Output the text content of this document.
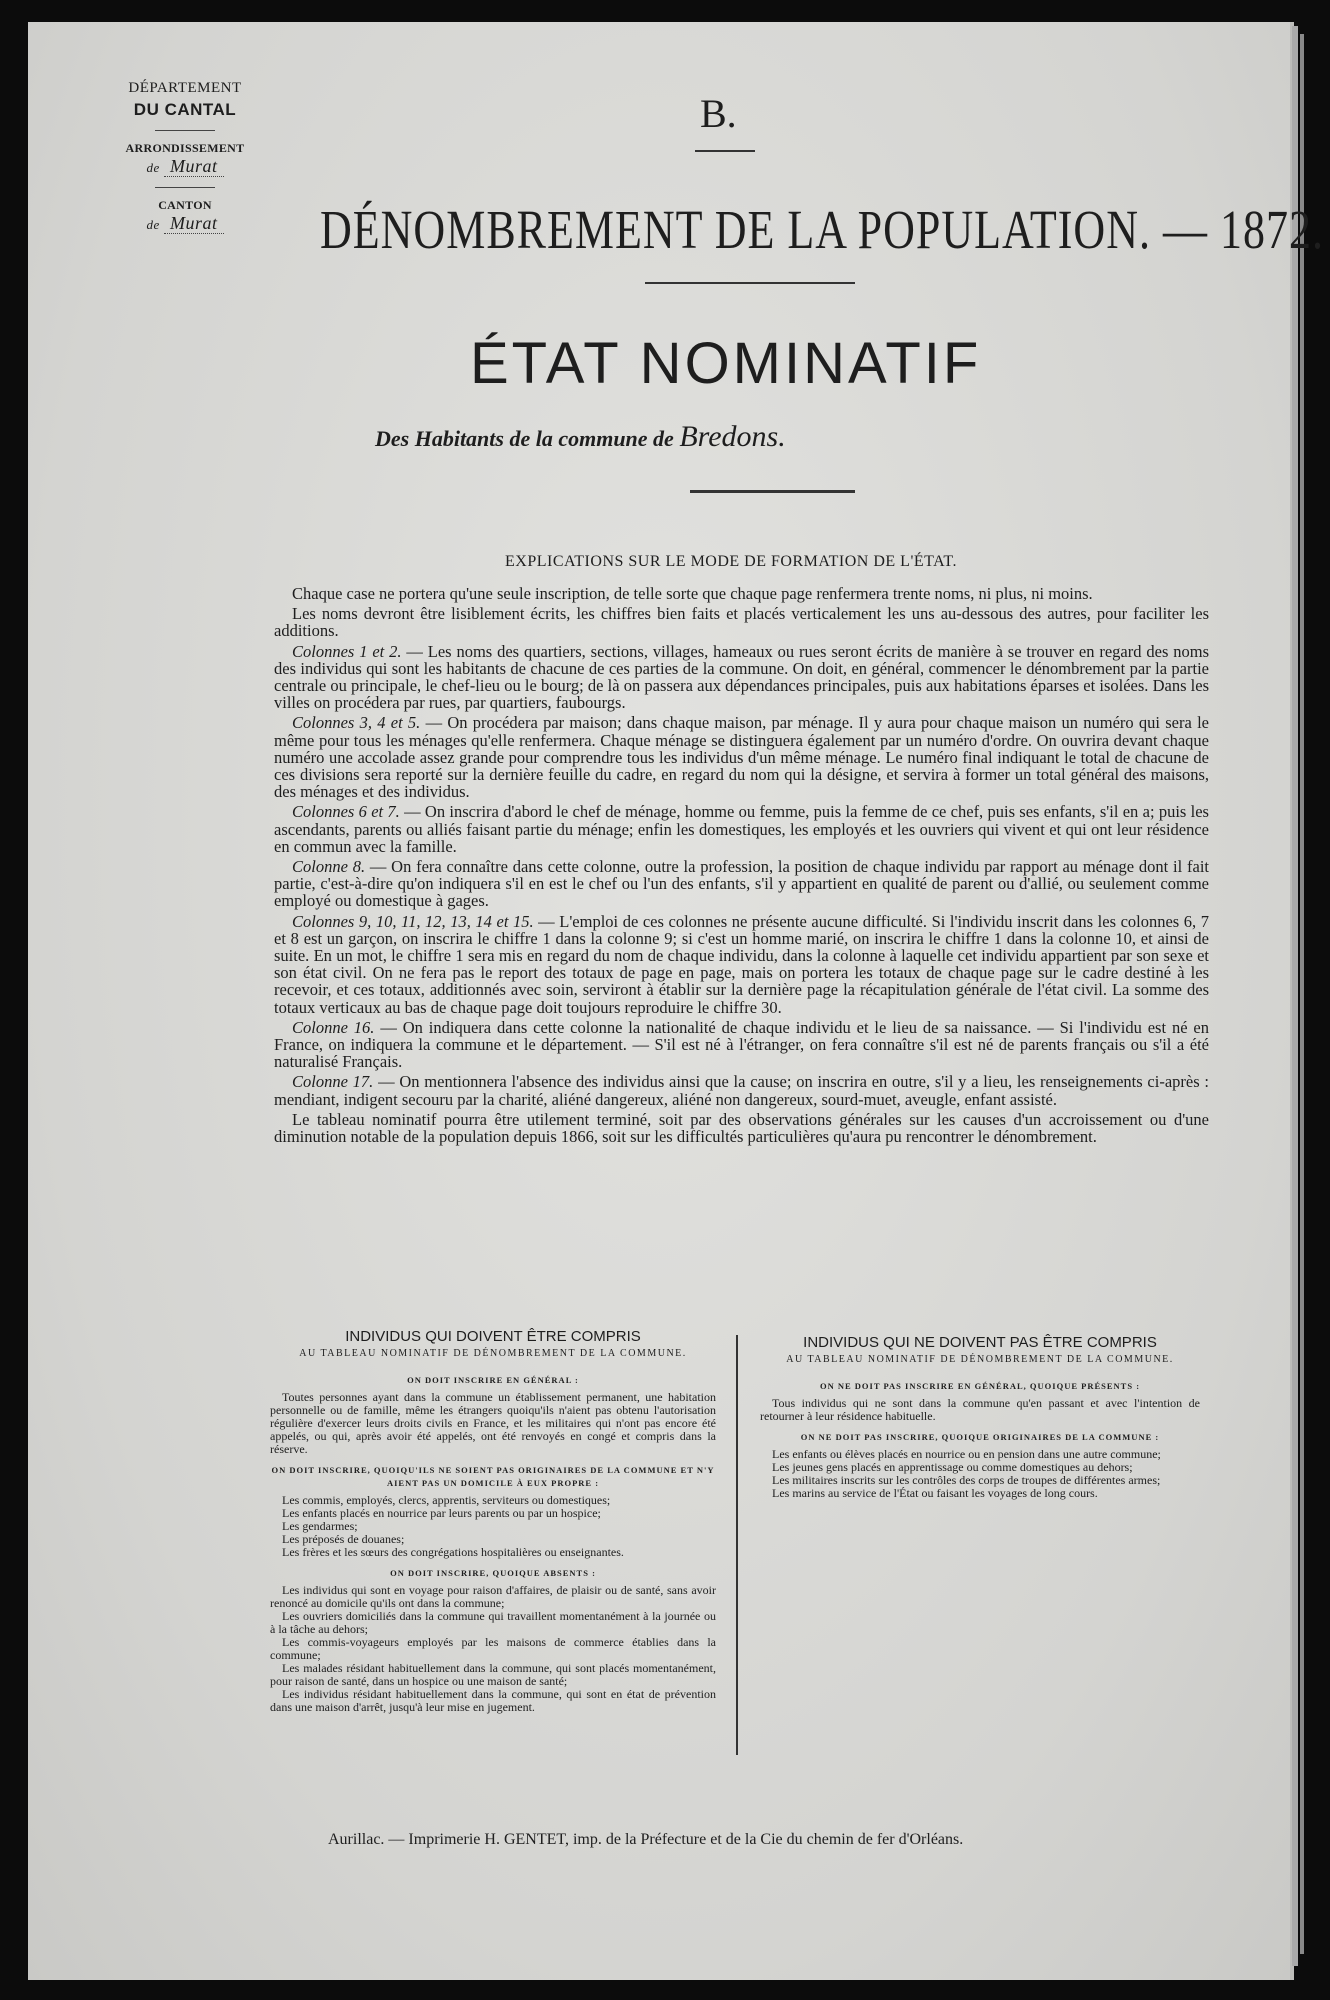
DÉPARTEMENT
DU CANTAL
ARRONDISSEMENT
de Murat
CANTON
de Murat
B.
DÉNOMBREMENT DE LA POPULATION. — 1872.
ÉTAT NOMINATIF
Des Habitants de la commune de Bredons.
EXPLICATIONS SUR LE MODE DE FORMATION DE L'ÉTAT.

Chaque case ne portera qu'une seule inscription, de telle sorte que chaque page renfermera trente noms, ni plus, ni moins.

Les noms devront être lisiblement écrits, les chiffres bien faits et placés verticalement les uns au-dessous des autres, pour faciliter les additions.

Colonnes 1 et 2. — Les noms des quartiers, sections, villages, hameaux ou rues seront écrits de manière à se trouver en regard des noms des individus qui sont les habitants de chacune de ces parties de la commune. On doit, en général, commencer le dénombrement par la partie centrale ou principale, le chef-lieu ou le bourg; de là on passera aux dépendances principales, puis aux habitations éparses et isolées. Dans les villes on procédera par rues, par quartiers, faubourgs.

Colonnes 3, 4 et 5. — On procédera par maison; dans chaque maison, par ménage. Il y aura pour chaque maison un numéro qui sera le même pour tous les ménages qu'elle renfermera. Chaque ménage se distinguera également par un numéro d'ordre. On ouvrira devant chaque numéro une accolade assez grande pour comprendre tous les individus d'un même ménage. Le numéro final indiquant le total de chacune de ces divisions sera reporté sur la dernière feuille du cadre, en regard du nom qui la désigne, et servira à former un total général des maisons, des ménages et des individus.

Colonnes 6 et 7. — On inscrira d'abord le chef de ménage, homme ou femme, puis la femme de ce chef, puis ses enfants, s'il en a; puis les ascendants, parents ou alliés faisant partie du ménage; enfin les domestiques, les employés et les ouvriers qui vivent et qui ont leur résidence en commun avec la famille.

Colonne 8. — On fera connaître dans cette colonne, outre la profession, la position de chaque individu par rapport au ménage dont il fait partie, c'est-à-dire qu'on indiquera s'il en est le chef ou l'un des enfants, s'il y appartient en qualité de parent ou d'allié, ou seulement comme employé ou domestique à gages.

Colonnes 9, 10, 11, 12, 13, 14 et 15. — L'emploi de ces colonnes ne présente aucune difficulté. Si l'individu inscrit dans les colonnes 6, 7 et 8 est un garçon, on inscrira le chiffre 1 dans la colonne 9; si c'est un homme marié, on inscrira le chiffre 1 dans la colonne 10, et ainsi de suite. En un mot, le chiffre 1 sera mis en regard du nom de chaque individu, dans la colonne à laquelle cet individu appartient par son sexe et son état civil. On ne fera pas le report des totaux de page en page, mais on portera les totaux de chaque page sur le cadre destiné à les recevoir, et ces totaux, additionnés avec soin, serviront à établir sur la dernière page la récapitulation générale de l'état civil. La somme des totaux verticaux au bas de chaque page doit toujours reproduire le chiffre 30.

Colonne 16. — On indiquera dans cette colonne la nationalité de chaque individu et le lieu de sa naissance. — Si l'individu est né en France, on indiquera la commune et le département. — S'il est né à l'étranger, on fera connaître s'il est né de parents français ou s'il a été naturalisé Français.

Colonne 17. — On mentionnera l'absence des individus ainsi que la cause; on inscrira en outre, s'il y a lieu, les renseignements ci-après : mendiant, indigent secouru par la charité, aliéné dangereux, aliéné non dangereux, sourd-muet, aveugle, enfant assisté.

Le tableau nominatif pourra être utilement terminé, soit par des observations générales sur les causes d'un accroissement ou d'une diminution notable de la population depuis 1866, soit sur les difficultés particulières qu'aura pu rencontrer le dénombrement.

INDIVIDUS QUI DOIVENT ÊTRE COMPRIS
AU TABLEAU NOMINATIF DE DÉNOMBREMENT DE LA COMMUNE.
ON DOIT INSCRIRE EN GÉNÉRAL :

Toutes personnes ayant dans la commune un établissement permanent, une habitation personnelle ou de famille, même les étrangers quoiqu'ils n'aient pas obtenu l'autorisation régulière d'exercer leurs droits civils en France, et les militaires qui n'ont pas encore été appelés, ou qui, après avoir été appelés, ont été renvoyés en congé et compris dans la réserve.

ON DOIT INSCRIRE, QUOIQU'ILS NE SOIENT PAS ORIGINAIRES DE LA COMMUNE ET N'Y AIENT PAS UN DOMICILE À EUX PROPRE :

Les commis, employés, clercs, apprentis, serviteurs ou domestiques;

Les enfants placés en nourrice par leurs parents ou par un hospice;

Les gendarmes;

Les préposés de douanes;

Les frères et les sœurs des congrégations hospitalières ou enseignantes.

ON DOIT INSCRIRE, QUOIQUE ABSENTS :

Les individus qui sont en voyage pour raison d'affaires, de plaisir ou de santé, sans avoir renoncé au domicile qu'ils ont dans la commune;

Les ouvriers domiciliés dans la commune qui travaillent momentanément à la journée ou à la tâche au dehors;

Les commis-voyageurs employés par les maisons de commerce établies dans la commune;

Les malades résidant habituellement dans la commune, qui sont placés momentanément, pour raison de santé, dans un hospice ou une maison de santé;

Les individus résidant habituellement dans la commune, qui sont en état de prévention dans une maison d'arrêt, jusqu'à leur mise en jugement.

INDIVIDUS QUI NE DOIVENT PAS ÊTRE COMPRIS
AU TABLEAU NOMINATIF DE DÉNOMBREMENT DE LA COMMUNE.
ON NE DOIT PAS INSCRIRE EN GÉNÉRAL, QUOIQUE PRÉSENTS :

Tous individus qui ne sont dans la commune qu'en passant et avec l'intention de retourner à leur résidence habituelle.

ON NE DOIT PAS INSCRIRE, QUOIQUE ORIGINAIRES DE LA COMMUNE :

Les enfants ou élèves placés en nourrice ou en pension dans une autre commune;

Les jeunes gens placés en apprentissage ou comme domestiques au dehors;

Les militaires inscrits sur les contrôles des corps de troupes de différentes armes;

Les marins au service de l'État ou faisant les voyages de long cours.

Aurillac. — Imprimerie H. GENTET, imp. de la Préfecture et de la Cie du chemin de fer d'Orléans.
